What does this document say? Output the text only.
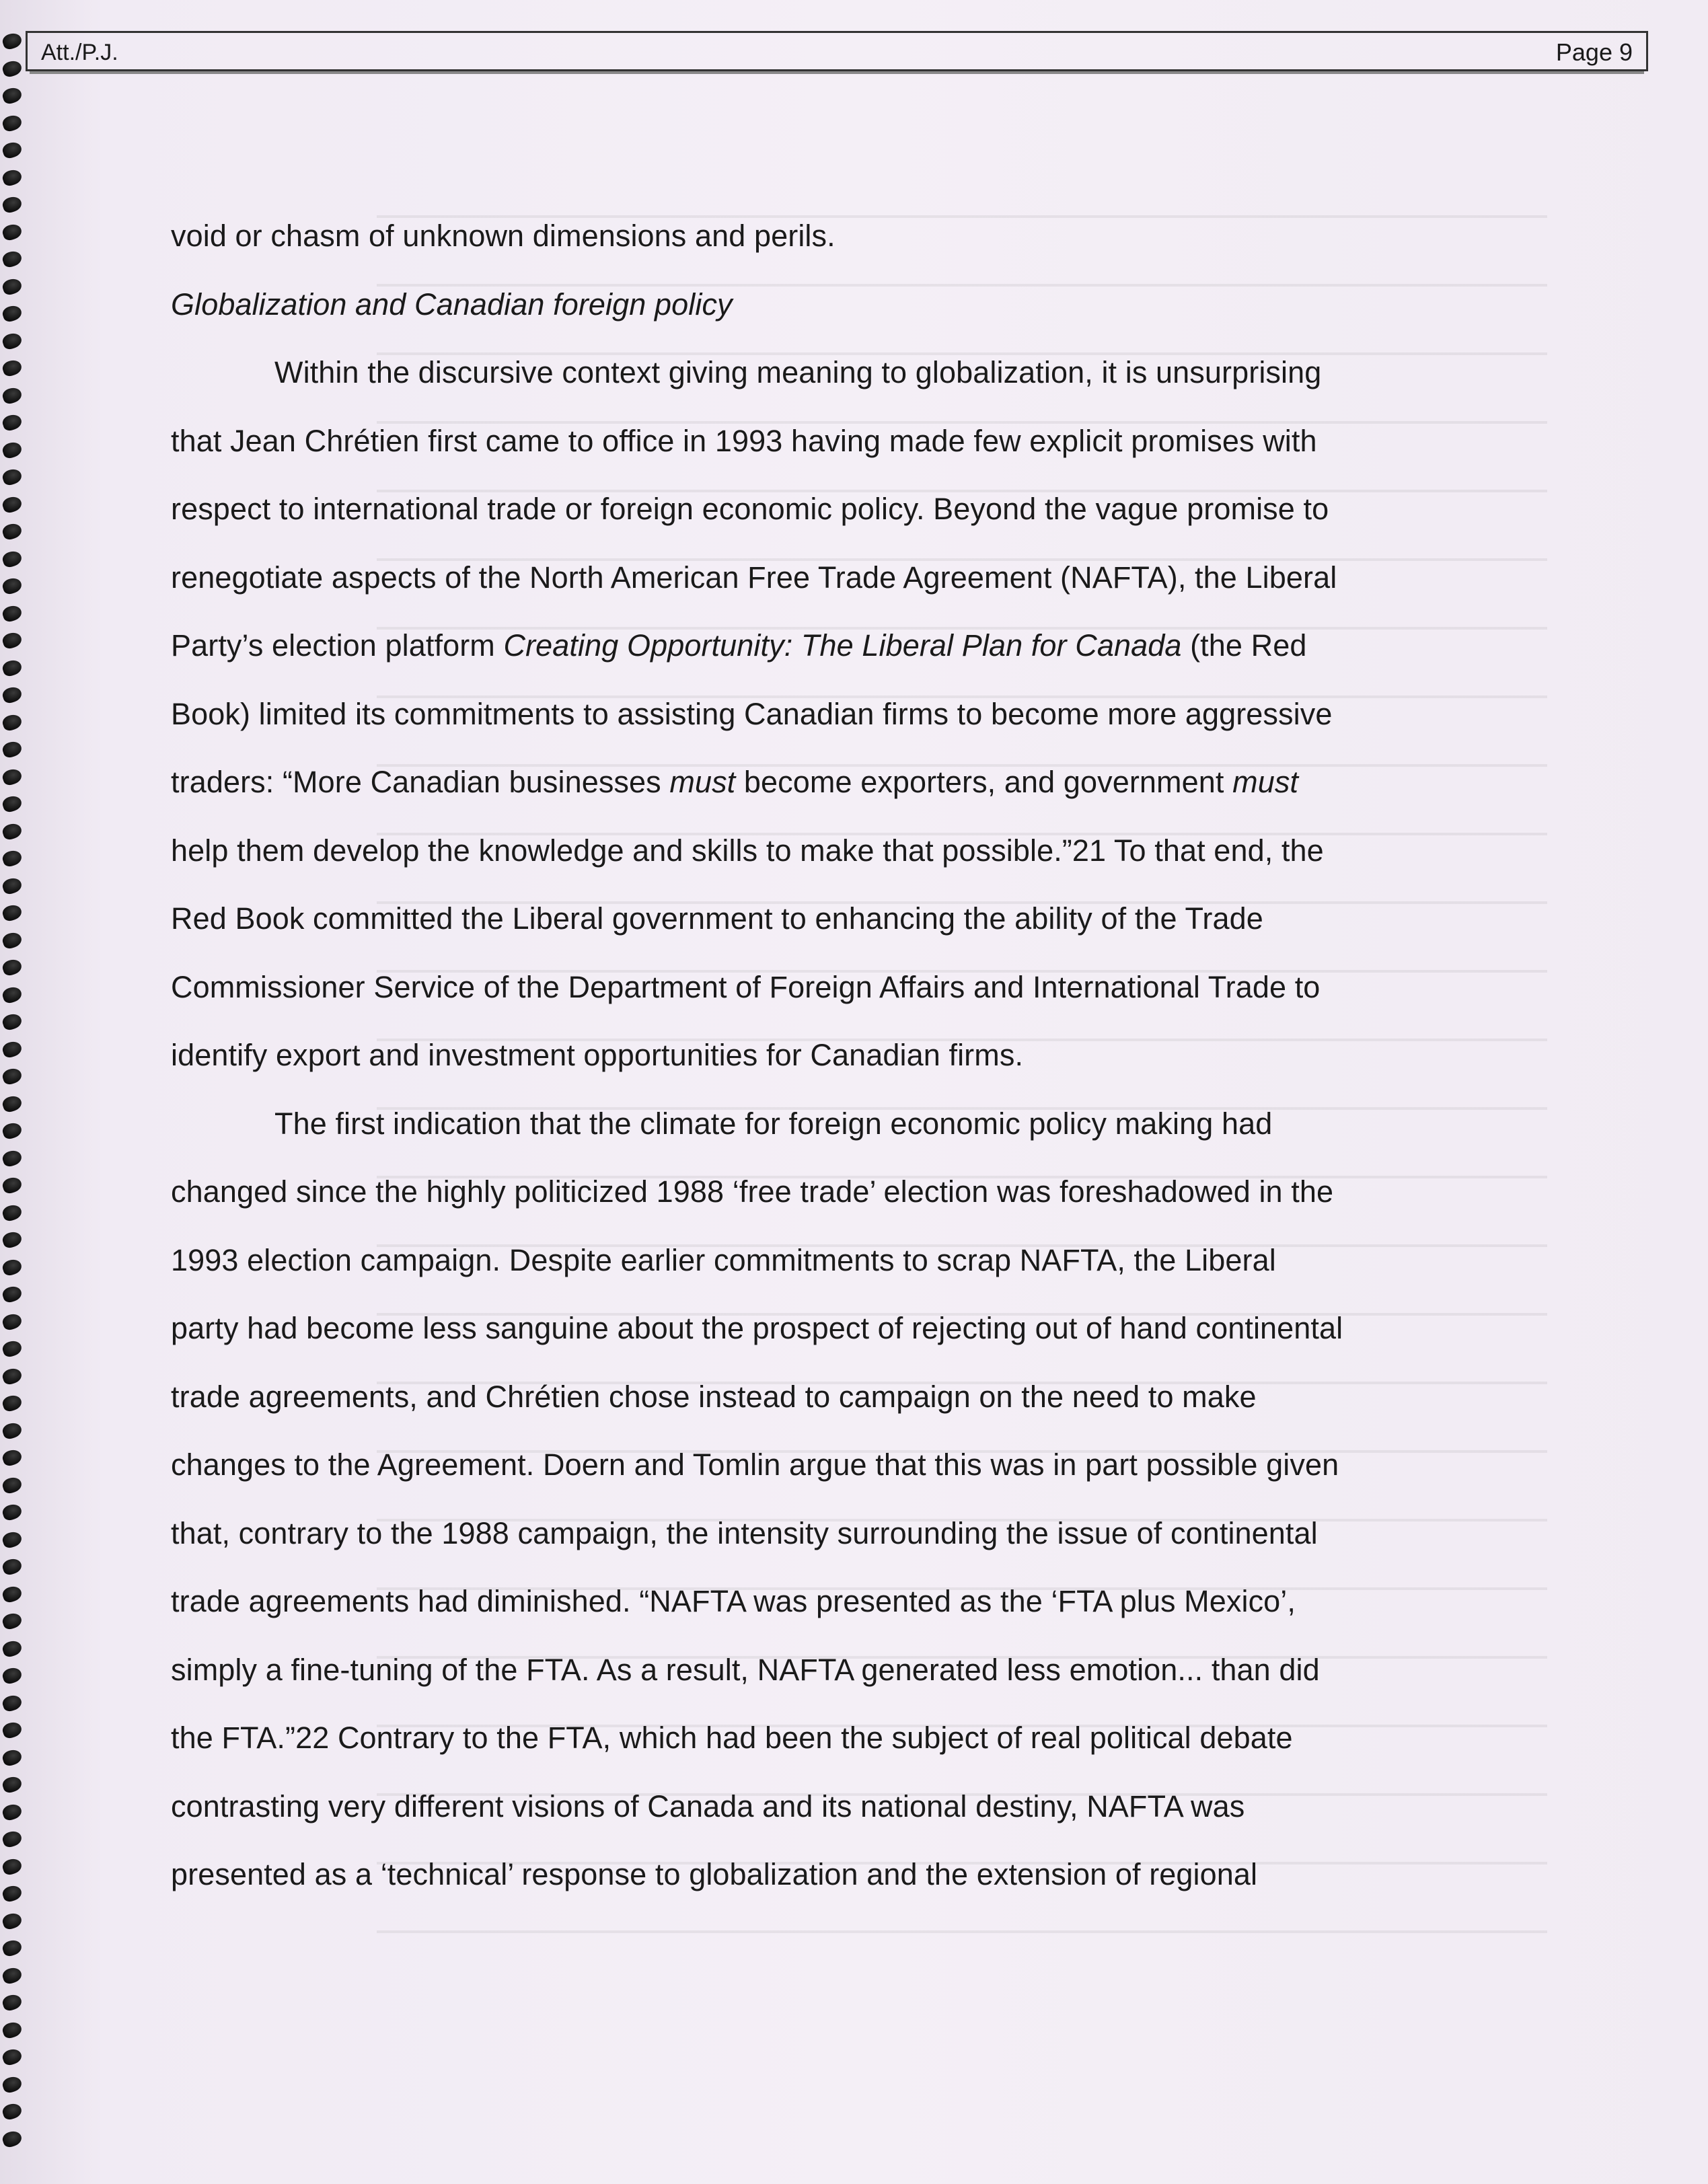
Att./P.J.	Page 9
void or chasm of unknown dimensions and perils.
Globalization and Canadian foreign policy
Within the discursive context giving meaning to globalization, it is unsurprising
that Jean Chrétien first came to office in 1993 having made few explicit promises with
respect to international trade or foreign economic policy. Beyond the vague promise to
renegotiate aspects of the North American Free Trade Agreement (NAFTA), the Liberal
Party’s election platform Creating Opportunity: The Liberal Plan for Canada (the Red
Book) limited its commitments to assisting Canadian firms to become more aggressive
traders: “More Canadian businesses must become exporters, and government must
help them develop the knowledge and skills to make that possible.”21 To that end, the
Red Book committed the Liberal government to enhancing the ability of the Trade
Commissioner Service of the Department of Foreign Affairs and International Trade to
identify export and investment opportunities for Canadian firms.
The first indication that the climate for foreign economic policy making had
changed since the highly politicized 1988 ‘free trade’ election was foreshadowed in the
1993 election campaign. Despite earlier commitments to scrap NAFTA, the Liberal
party had become less sanguine about the prospect of rejecting out of hand continental
trade agreements, and Chrétien chose instead to campaign on the need to make
changes to the Agreement. Doern and Tomlin argue that this was in part possible given
that, contrary to the 1988 campaign, the intensity surrounding the issue of continental
trade agreements had diminished. “NAFTA was presented as the ‘FTA plus Mexico’,
simply a fine-tuning of the FTA. As a result, NAFTA generated less emotion... than did
the FTA.”22 Contrary to the FTA, which had been the subject of real political debate
contrasting very different visions of Canada and its national destiny, NAFTA was
presented as a ‘technical’ response to globalization and the extension of regional
